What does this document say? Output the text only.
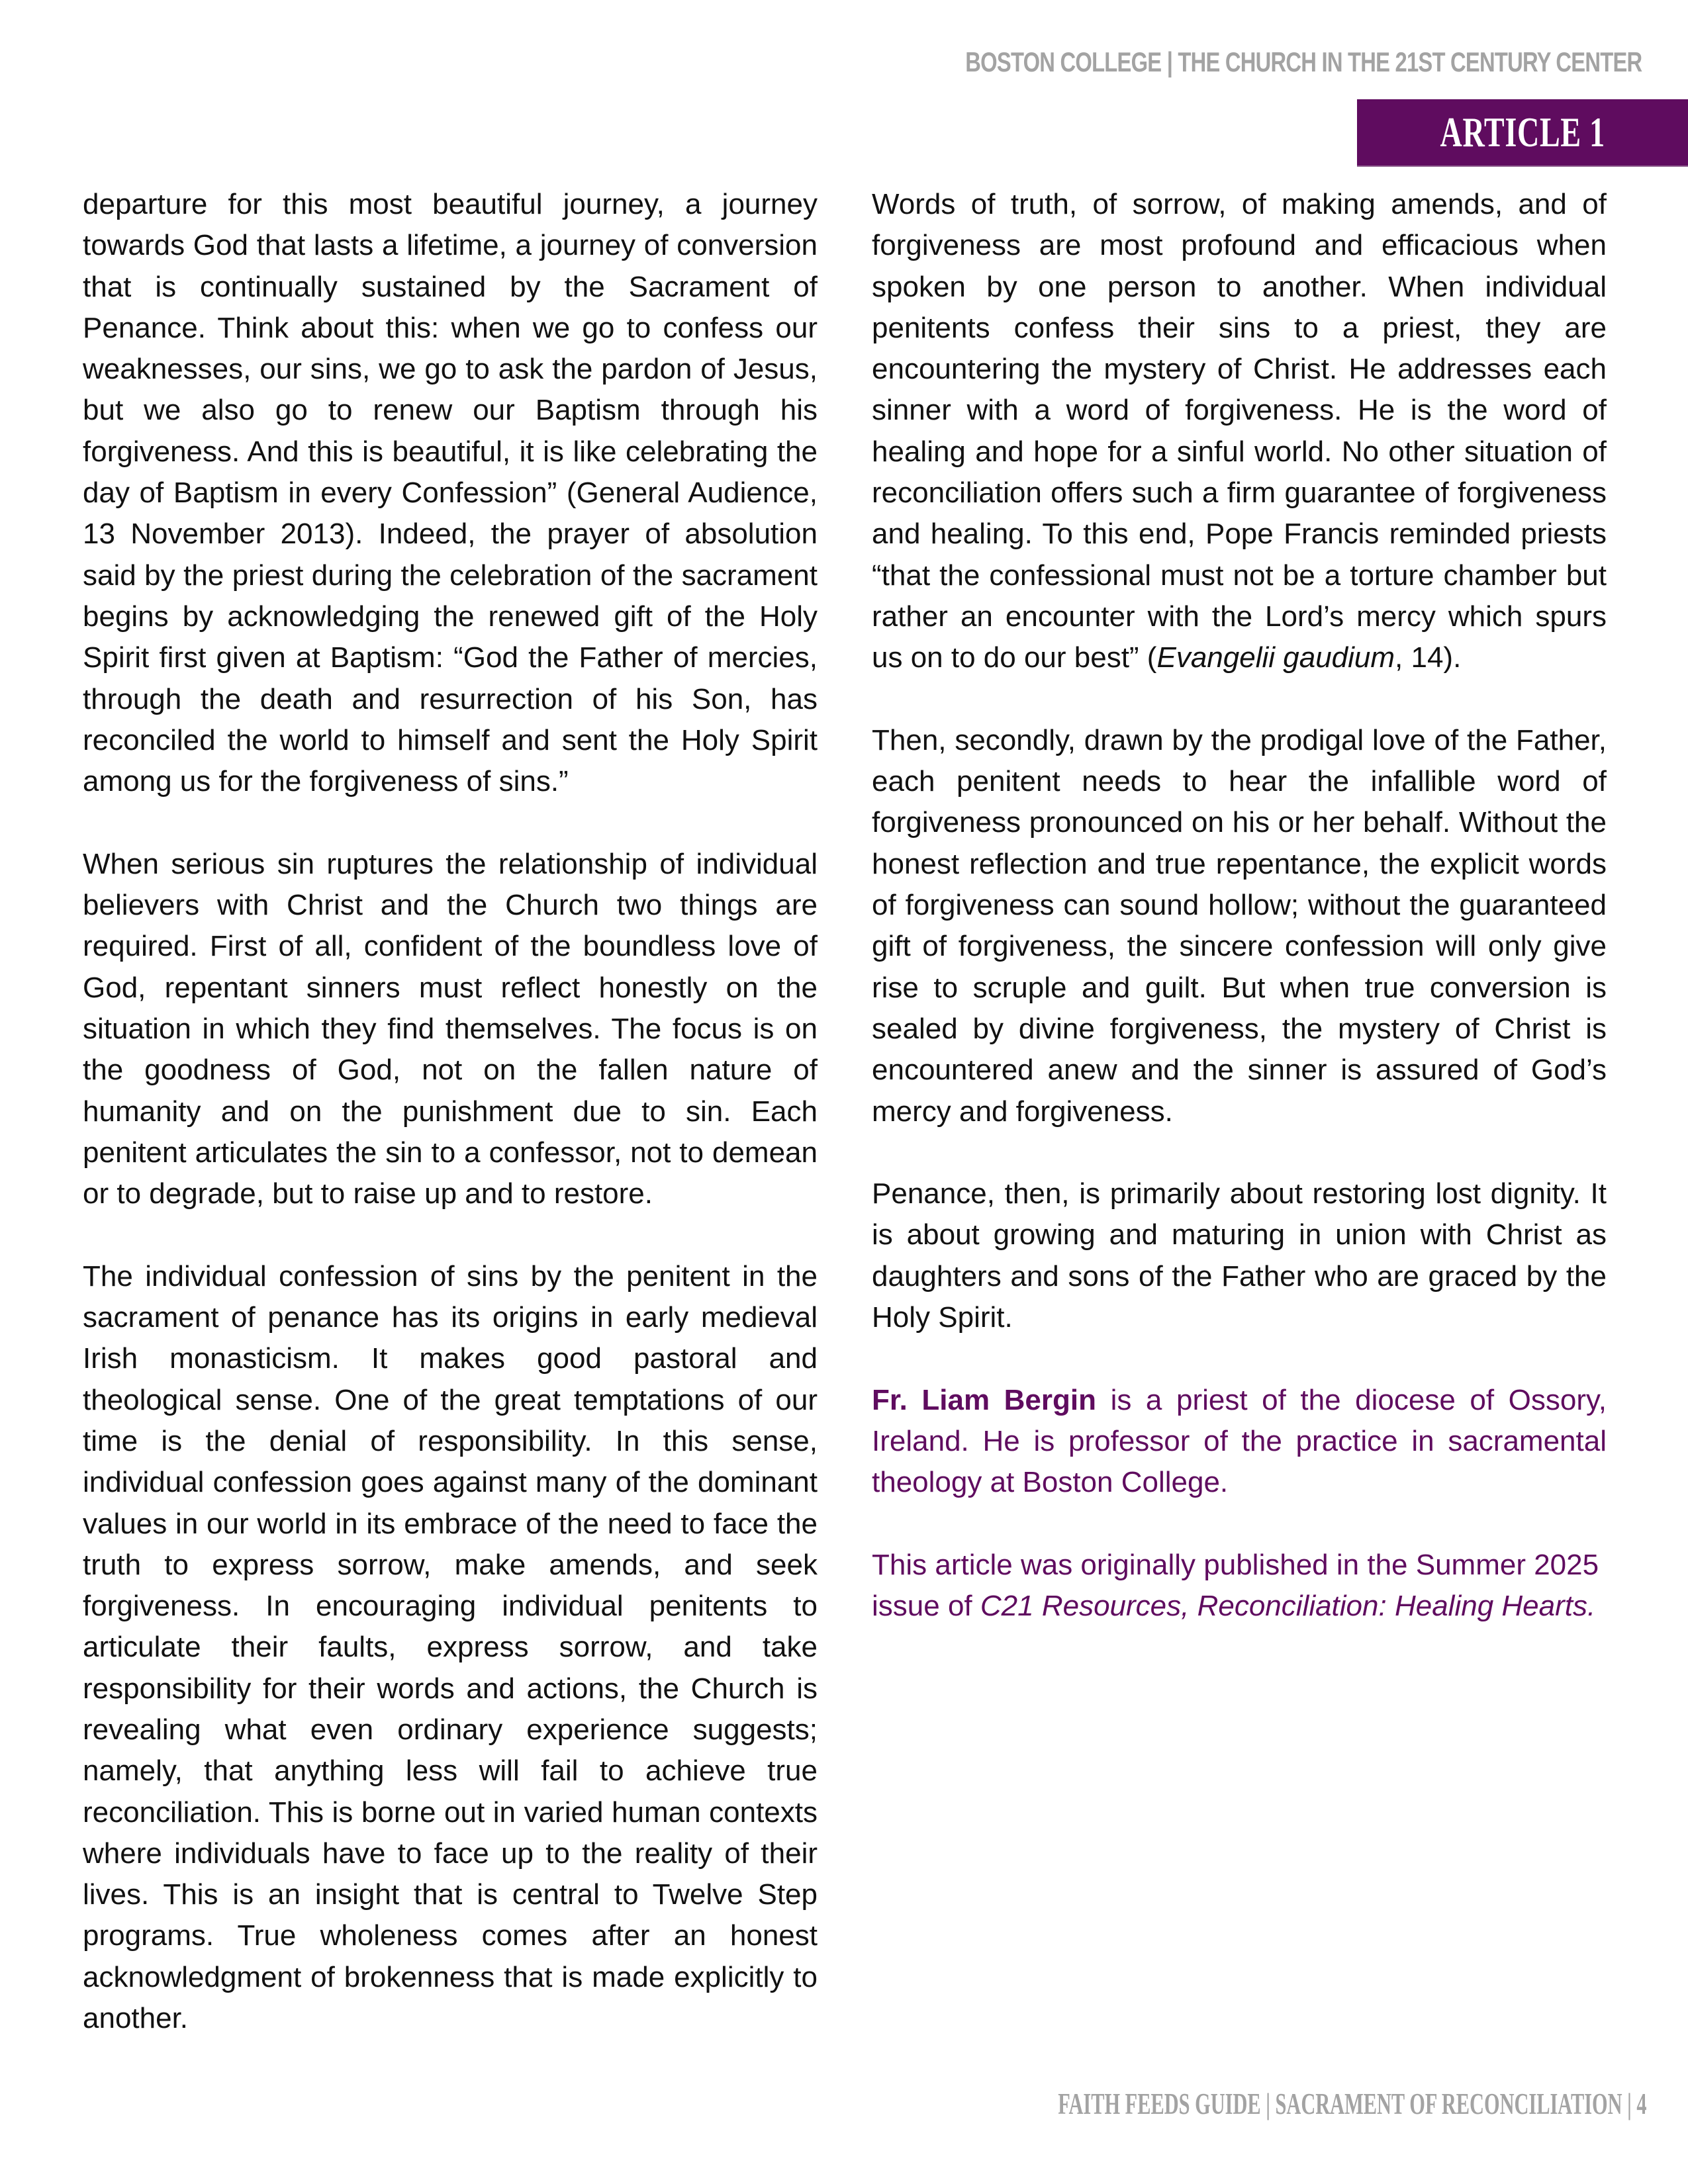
BOSTON COLLEGE | THE CHURCH IN THE 21ST CENTURY CENTER
ARTICLE 1

departure for this most beautiful journey, a journey towards God that lasts a lifetime, a journey of conversion that is continually sustained by the Sacrament of Penance. Think about this: when we go to confess our weaknesses, our sins, we go to ask the pardon of Jesus, but we also go to renew our Baptism through his forgiveness. And this is beautiful, it is like celebrating the day of Baptism in every Confession” (General Audience, 13 November 2013). Indeed, the prayer of absolution said by the priest during the celebration of the sacrament begins by acknowledging the renewed gift of the Holy Spirit first given at Baptism: “God the Father of mercies, through the death and resurrection of his Son, has reconciled the world to himself and sent the Holy Spirit among us for the forgiveness of sins.”

When serious sin ruptures the relationship of individual believers with Christ and the Church two things are required. First of all, confident of the boundless love of God, repentant sinners must reflect honestly on the situation in which they find themselves. The focus is on the goodness of God, not on the fallen nature of humanity and on the punishment due to sin. Each penitent articulates the sin to a confessor, not to demean or to degrade, but to raise up and to restore.

The individual confession of sins by the penitent in the sacrament of penance has its origins in early medieval Irish monasticism. It makes good pastoral and theological sense. One of the great temptations of our time is the denial of responsibility. In this sense, individual confession goes against many of the dominant values in our world in its embrace of the need to face the truth to express sorrow, make amends, and seek forgiveness. In encouraging individual penitents to articulate their faults, express sorrow, and take responsibility for their words and actions, the Church is revealing what even ordinary experience suggests; namely, that anything less will fail to achieve true reconciliation. This is borne out in varied human contexts where individuals have to face up to the reality of their lives. This is an insight that is central to Twelve Step programs. True wholeness comes after an honest acknowledgment of brokenness that is made explicitly to another.

Words of truth, of sorrow, of making amends, and of forgiveness are most profound and efficacious when spoken by one person to another. When individual penitents confess their sins to a priest, they are encountering the mystery of Christ. He addresses each sinner with a word of forgiveness. He is the word of healing and hope for a sinful world. No other situation of reconciliation offers such a firm guarantee of forgiveness and healing. To this end, Pope Francis reminded priests “that the confessional must not be a torture chamber but rather an encounter with the Lord’s mercy which spurs us on to do our best” (Evangelii gaudium, 14).

Then, secondly, drawn by the prodigal love of the Father, each penitent needs to hear the infallible word of forgiveness pronounced on his or her behalf. Without the honest reflection and true repentance, the explicit words of forgiveness can sound hollow; without the guaranteed gift of forgiveness, the sincere confession will only give rise to scruple and guilt. But when true conversion is sealed by divine forgiveness, the mystery of Christ is encountered anew and the sinner is assured of God’s mercy and forgiveness.

Penance, then, is primarily about restoring lost dignity. It is about growing and maturing in union with Christ as daughters and sons of the Father who are graced by the Holy Spirit.

Fr. Liam Bergin is a priest of the diocese of Ossory, Ireland. He is professor of the practice in sacramental theology at Boston College.

This article was originally published in the Summer 2025 issue of C21 Resources, Reconciliation: Healing Hearts.

FAITH FEEDS GUIDE | SACRAMENT OF RECONCILIATION | 4
